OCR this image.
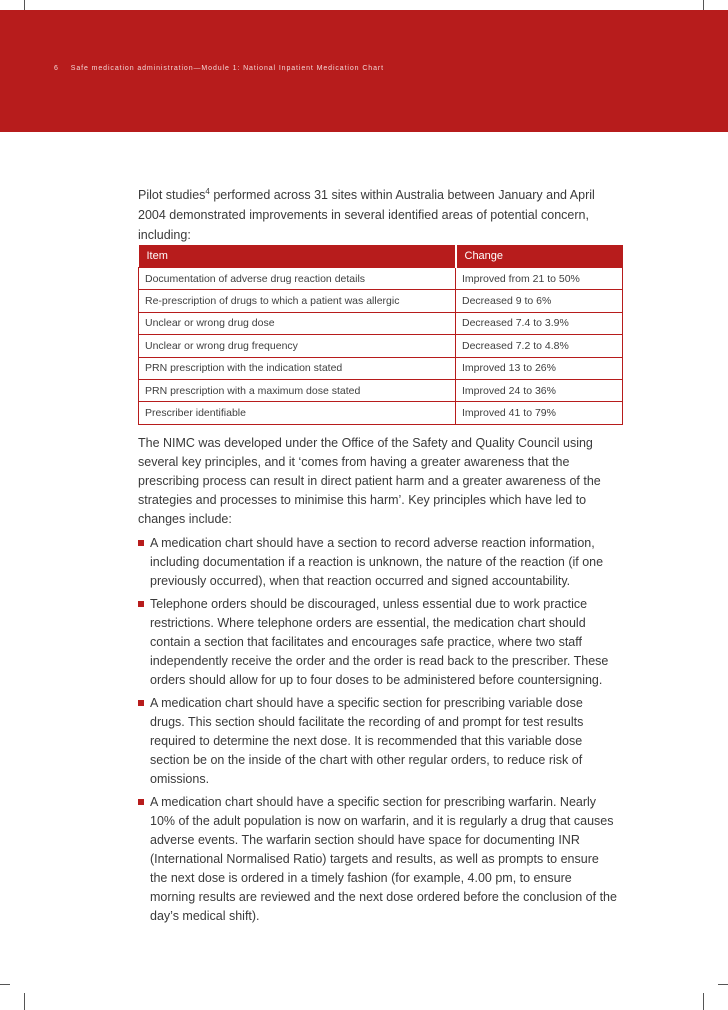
6 Safe medication administration—Module 1: National Inpatient Medication Chart
Pilot studies$^4$ performed across 31 sites within Australia between January and April 2004 demonstrated improvements in several identified areas of potential concern, including:
Item	Change
Documentation of adverse drug reaction details	Improved from 21 to 50%
Re-prescription of drugs to which a patient was allergic	Decreased 9 to 6%
Unclear or wrong drug dose	Decreased 7.4 to 3.9%
Unclear or wrong drug frequency	Decreased 7.2 to 4.8%
PRN prescription with the indication stated	Improved 13 to 26%
PRN prescription with a maximum dose stated	Improved 24 to 36%
Prescriber identifiable	Improved 41 to 79%

The NIMC was developed under the Office of the Safety and Quality Council using several key principles, and it ‘comes from having a greater awareness that the prescribing process can result in direct patient harm and a greater awareness of the strategies and processes to minimise this harm’. Key principles which have led to changes include:

A medication chart should have a section to record adverse reaction information, including documentation if a reaction is unknown, the nature of the reaction (if one previously occurred), when that reaction occurred and signed accountability.
Telephone orders should be discouraged, unless essential due to work practice restrictions. Where telephone orders are essential, the medication chart should contain a section that facilitates and encourages safe practice, where two staff independently receive the order and the order is read back to the prescriber. These orders should allow for up to four doses to be administered before countersigning.
A medication chart should have a specific section for prescribing variable dose drugs. This section should facilitate the recording of and prompt for test results required to determine the next dose. It is recommended that this variable dose section be on the inside of the chart with other regular orders, to reduce risk of omissions.
A medication chart should have a specific section for prescribing warfarin. Nearly 10% of the adult population is now on warfarin, and it is regularly a drug that causes adverse events. The warfarin section should have space for documenting INR (International Normalised Ratio) targets and results, as well as prompts to ensure the next dose is ordered in a timely fashion (for example, 4.00 pm, to ensure morning results are reviewed and the next dose ordered before the conclusion of the day’s medical shift).
